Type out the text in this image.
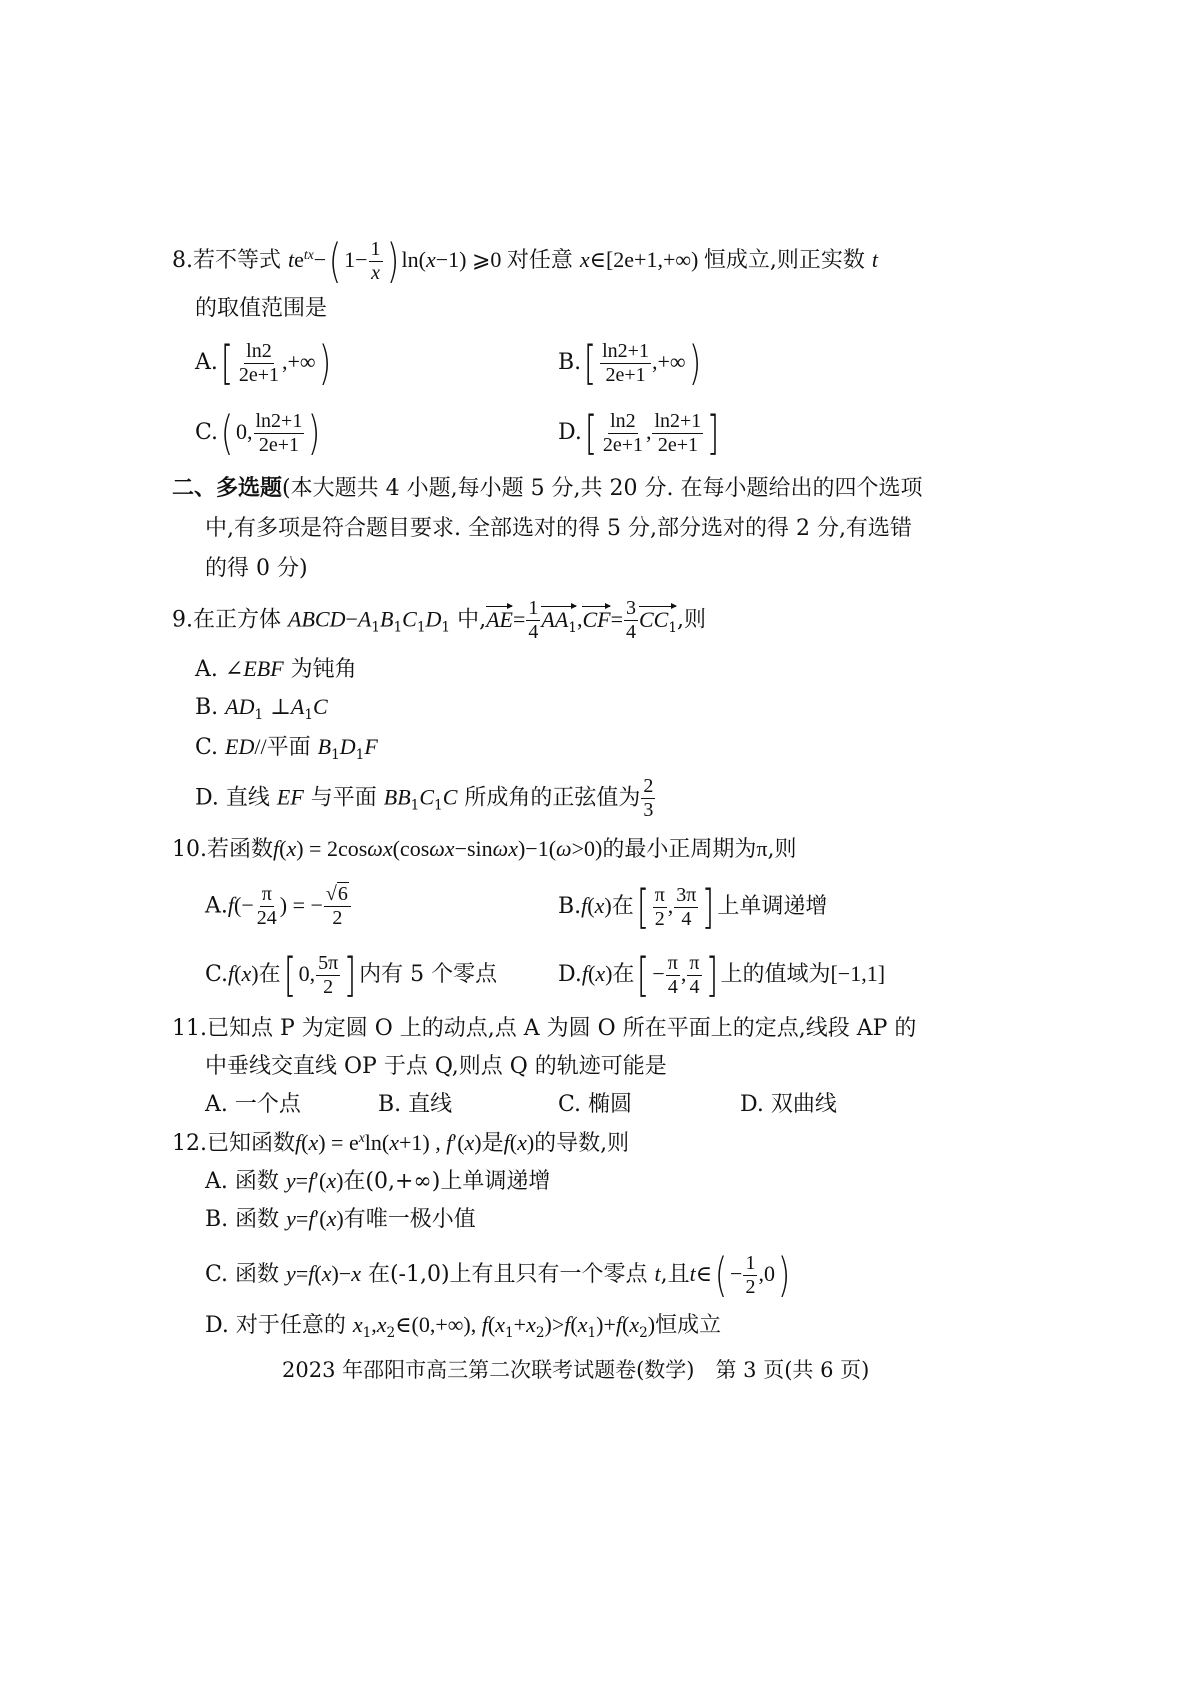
8.若不等式 $te^{tx}-$( $1- \frac{1}{x}$ ) ln(x−1) ⩾0 对任意 x∈[2e+1,+∞) 恒成立,则正实数 t
的取值范围是
$A.[ \frac{\ln 2}{2e+1}$ ,+∞)	$B.[ \frac{\ln 2+1}{2e+1}$ ,+∞)
C.( 0, $\frac{\ln 2+1}{2e+1}$ )	$D.[ \frac{\ln 2}{2e+1}$ , $\frac{\ln 2+1}{2e+1}$ ]
二、多选题(本大题共 4 小题,每小题 5 分,共 20 分. 在每小题给出的四个选项
中,有多项是符合题目要求. 全部选对的得 5 分,部分选对的得 2 分,有选错
的得 0 分)
9.在正方体 $ABCD-A_1B_1C_1D_1$ 中$,AE= \frac{1}{4} AA_1,CF= \frac{3}{4} CC_1$,则
A. ∠EBF 为钝角
B. $AD_1$ $\perp A_1C$
C. ED//平面 $B_1D_1F$
D. 直线 EF 与平面 $BB_1C_1C$ 所成角的正弦值为 $\frac{2}{3}$
10.若函数f(x) = 2cosωx(cosωx−sinωx)−1(ω>0)的最小正周期为π,则
$A.f(- \frac{\pi}{24}$ ) = − $\frac{√6}{2}$	B.f(x)在[ $\frac{\pi}{2}$ , $\frac{3\pi}{4}$ ] 上单调递增
C.f(x)在[ 0, $\frac{5\pi}{2}$ ] 内有 5 个零点	D.f(x)在[ − $\frac{\pi}{4}$ , $\frac{\pi}{4}$ ] 上的值域为[−1,1]
11.已知点 P 为定圆 O 上的动点,点 A 为圆 O 所在平面上的定点,线段 AP 的
中垂线交直线 OP 于点 Q,则点 Q 的轨迹可能是
A. 一个点	B. 直线	C. 椭圆	D. 双曲线
12.已知函数$f(x) = e^x\ln(x+1)$ , f′(x)是f(x)的导数,则
A. 函数 y=f′(x)在(0,+∞)上单调递增
B. 函数 y=f′(x)有唯一极小值
C. 函数 y=f(x)−x 在(-1,0)上有且只有一个零点 t,且t∈( − $\frac{1}{2} ,0$)
D. 对于任意的 $x_1,x_2\in(0,+\infty)$, $f(x_1+x_2)>f(x_1)+f(x_2)$恒成立
2023 年邵阳市高三第二次联考试题卷(数学)　第 3 页(共 6 页)
